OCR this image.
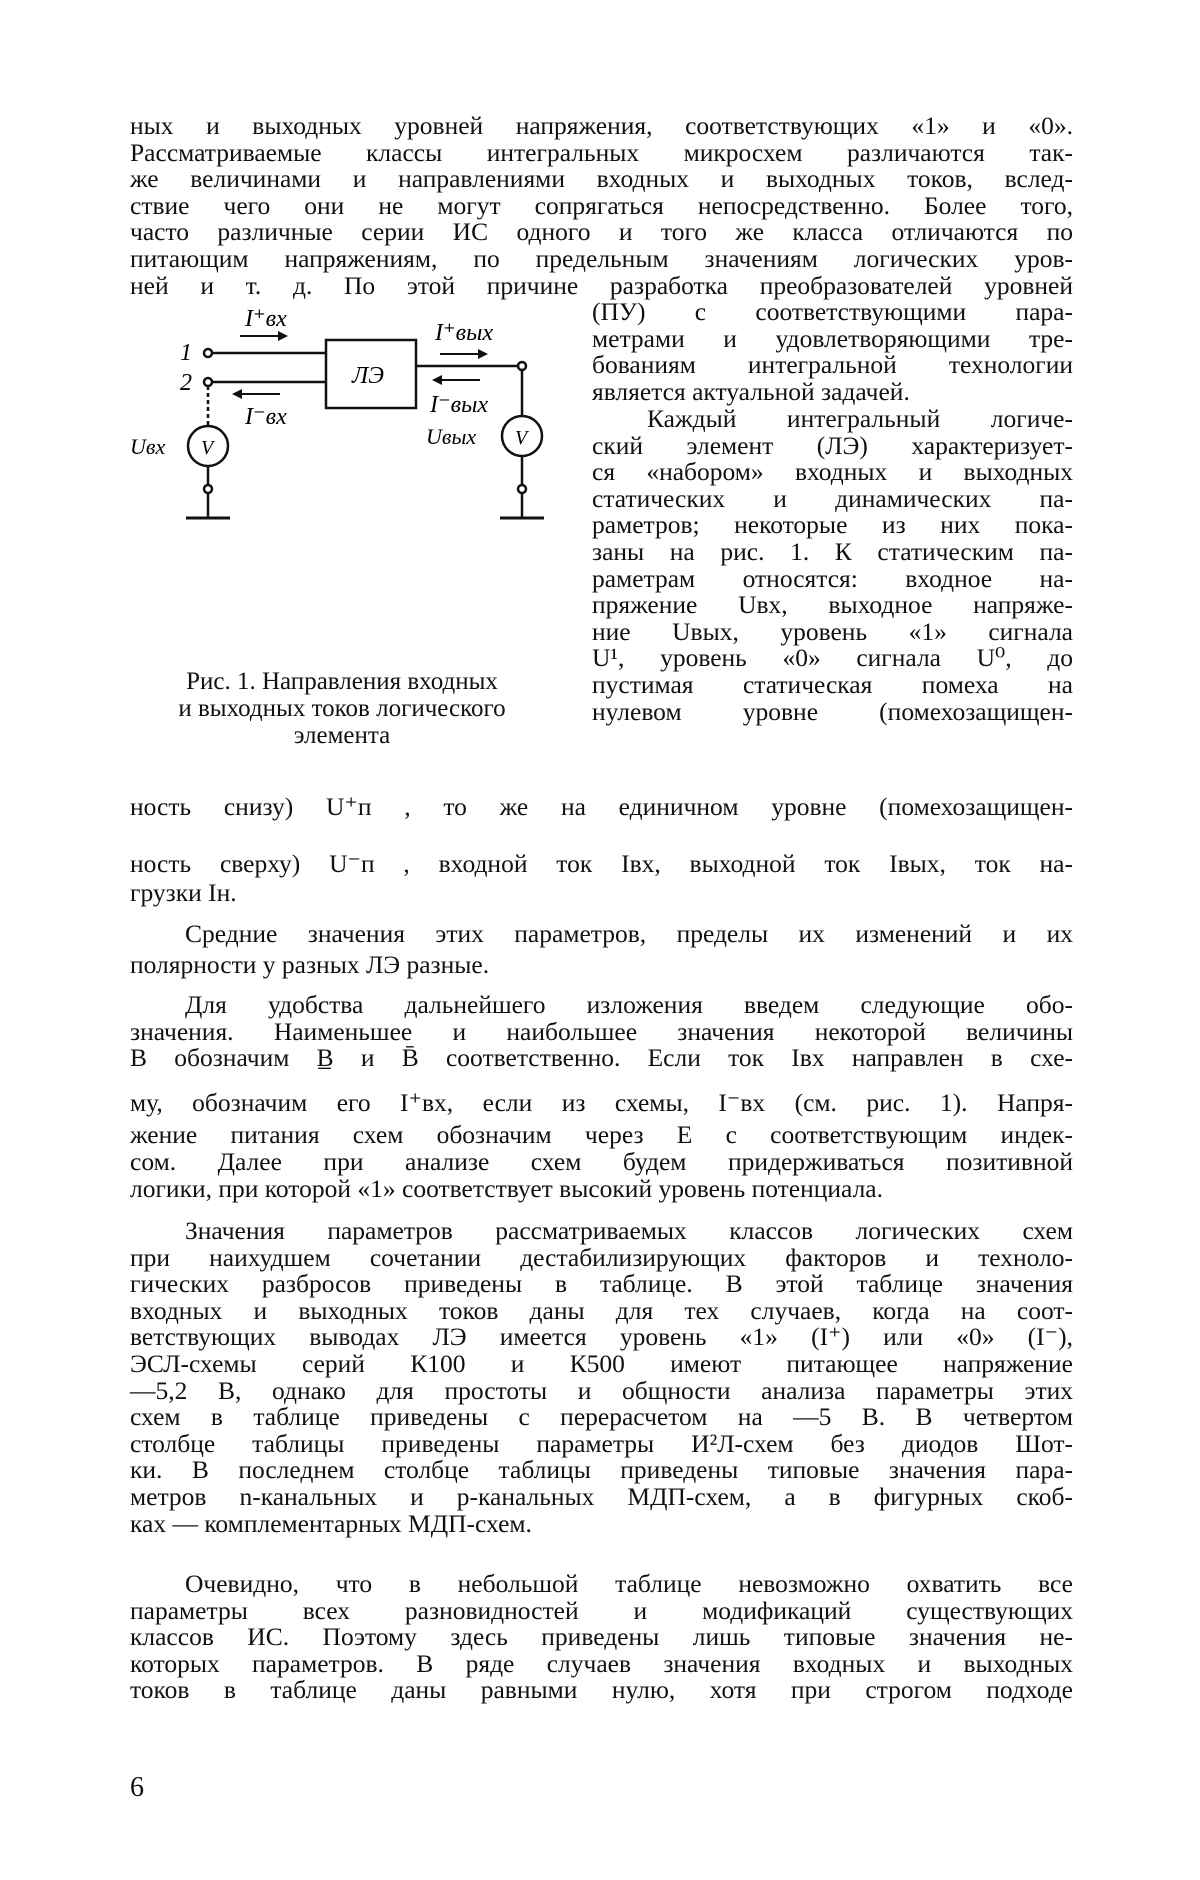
ных и выходных уровней напряжения, соответствующих «1» и «0».
Рассматриваемые классы интегральных микросхем различаются так-
же величинами и направлениями входных и выходных токов, вслед-
ствие чего они не могут сопрягаться непосредственно. Более того,
часто различные серии ИС одного и того же класса отличаются по
питающим напряжениям, по предельным значениям логических уров-
ней и т. д. По этой причине разработка преобразователей уровней
(ПУ) с соответствующими пара-
метрами и удовлетворяющими тре-
бованиям интегральной технологии
является актуальной задачей.
Каждый интегральный логиче-
ский элемент (ЛЭ) характеризует-
ся «набором» входных и выходных
статических и динамических па-
раметров; некоторые из них пока-
заны на рис. 1. К статическим па-
раметрам относятся: входное на-
пряжение Uвх, выходное напряже-
ние Uвых, уровень «1» сигнала
U¹, уровень «0» сигнала U⁰, до
пустимая статическая помеха на
нулевом уровне (помехозащищен-
ЛЭ
1
2
I⁺вх
I⁻вх
I⁺вых
I⁻вых
Uвх	Uвых
V	V
Рис. 1. Направления входных
и выходных токов логического
элемента

ность снизу) U⁺п , то же на единичном уровне (помехозащищен-

ность сверху) U⁻п , входной ток Iвх, выходной ток Iвых, ток на-

грузки Iн.

Средние значения этих параметров, пределы их изменений и их
полярности у разных ЛЭ разные.
Для удобства дальнейшего изложения введем следующие обо-
значения. Наименьшее и наибольшее значения некоторой величины
B обозначим B̲ и B̄ соответственно. Если ток Iвх направлен в схе-
му, обозначим его I⁺вх, если из схемы, I⁻вх (см. рис. 1). Напря-
жение питания схем обозначим через E с соответствующим индек-
сом. Далее при анализе схем будем придерживаться позитивной
логики, при которой «1» соответствует высокий уровень потенциала.
Значения параметров рассматриваемых классов логических схем
при наихудшем сочетании дестабилизирующих факторов и техноло-
гических разбросов приведены в таблице. В этой таблице значения
входных и выходных токов даны для тех случаев, когда на соот-
ветствующих выводах ЛЭ имеется уровень «1» (I⁺) или «0» (I⁻),
ЭСЛ-схемы серий К100 и К500 имеют питающее напряжение
—5,2 В, однако для простоты и общности анализа параметры этих
схем в таблице приведены с перерасчетом на —5 В. В четвертом
столбце таблицы приведены параметры И²Л-схем без диодов Шот-
ки. В последнем столбце таблицы приведены типовые значения пара-
метров n-канальных и p-канальных МДП-схем, а в фигурных скоб-
ках — комплементарных МДП-схем.
Очевидно, что в небольшой таблице невозможно охватить все
параметры всех разновидностей и модификаций существующих
классов ИС. Поэтому здесь приведены лишь типовые значения не-
которых параметров. В ряде случаев значения входных и выходных
токов в таблице даны равными нулю, хотя при строгом подходе
6
